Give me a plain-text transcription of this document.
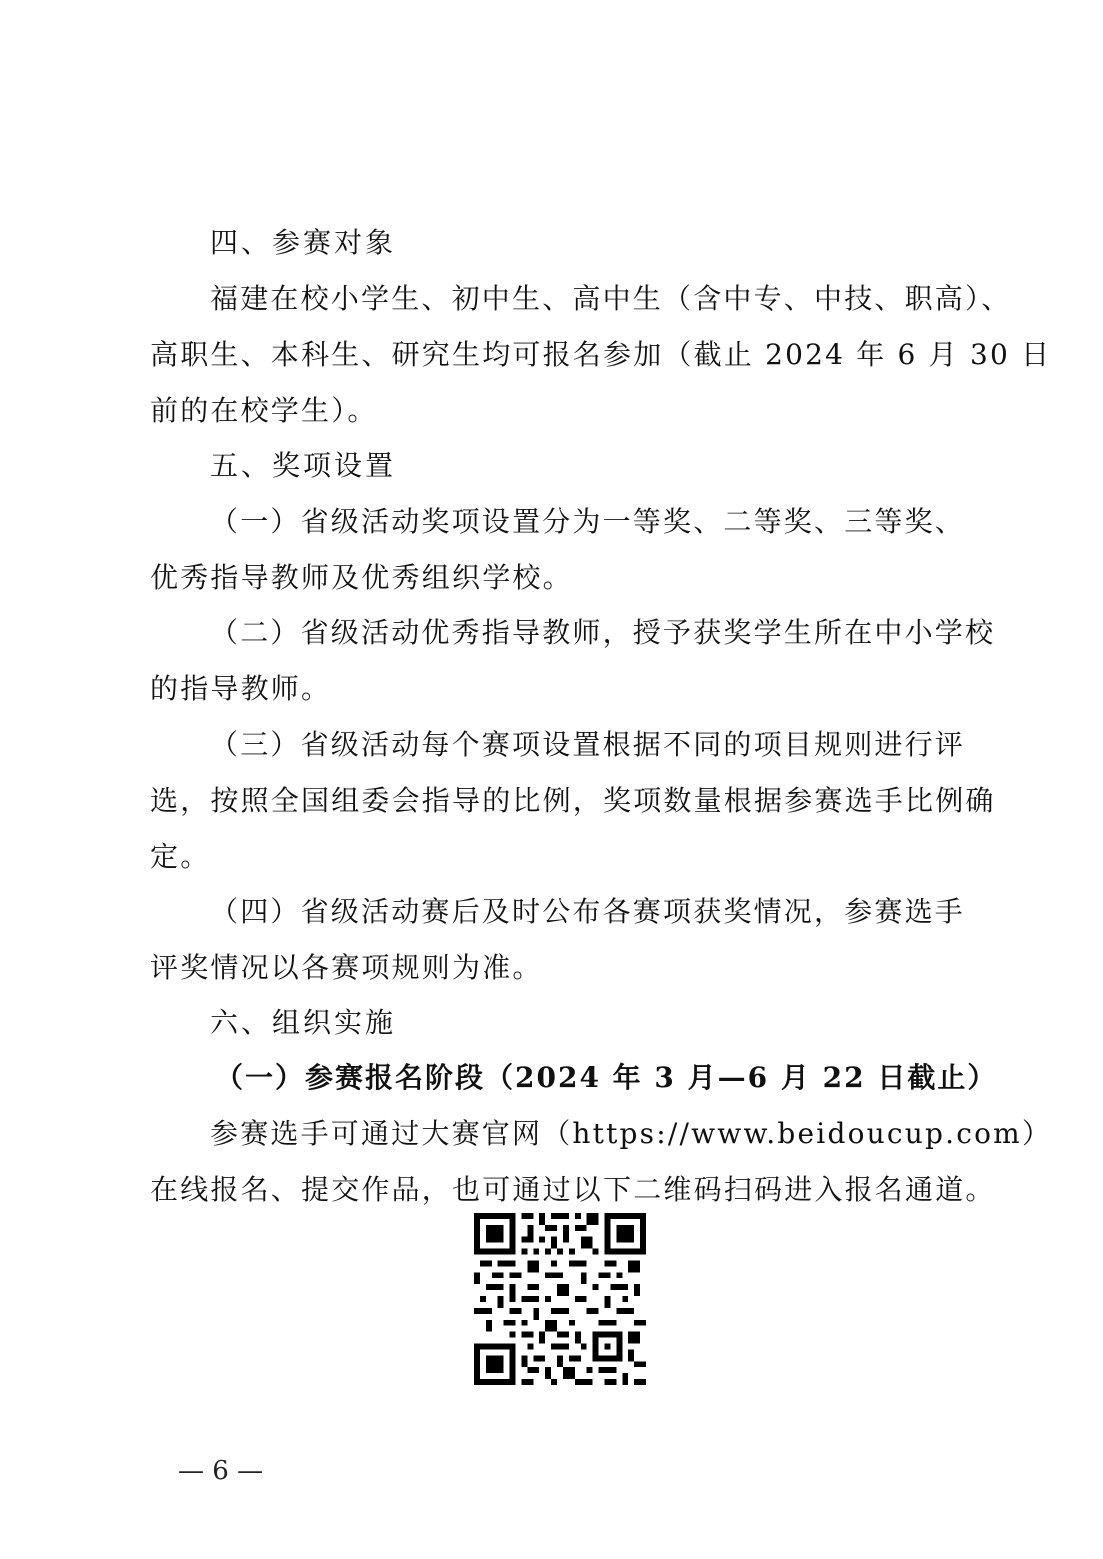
四、参赛对象
福建在校小学生、初中生、高中生（含中专、中技、职高）、
高职生、本科生、研究生均可报名参加（截止 2024 年 6 月 30 日
前的在校学生）。
五、奖项设置
（一）省级活动奖项设置分为一等奖、二等奖、三等奖、
优秀指导教师及优秀组织学校。
（二）省级活动优秀指导教师，授予获奖学生所在中小学校
的指导教师。
（三）省级活动每个赛项设置根据不同的项目规则进行评
选，按照全国组委会指导的比例，奖项数量根据参赛选手比例确
定。
（四）省级活动赛后及时公布各赛项获奖情况，参赛选手
评奖情况以各赛项规则为准。
六、组织实施
（一）参赛报名阶段（2024 年 3 月—6 月 22 日截止）
参赛选手可通过大赛官网（https://www.beidoucup.com）
在线报名、提交作品，也可通过以下二维码扫码进入报名通道。
— 6 —
